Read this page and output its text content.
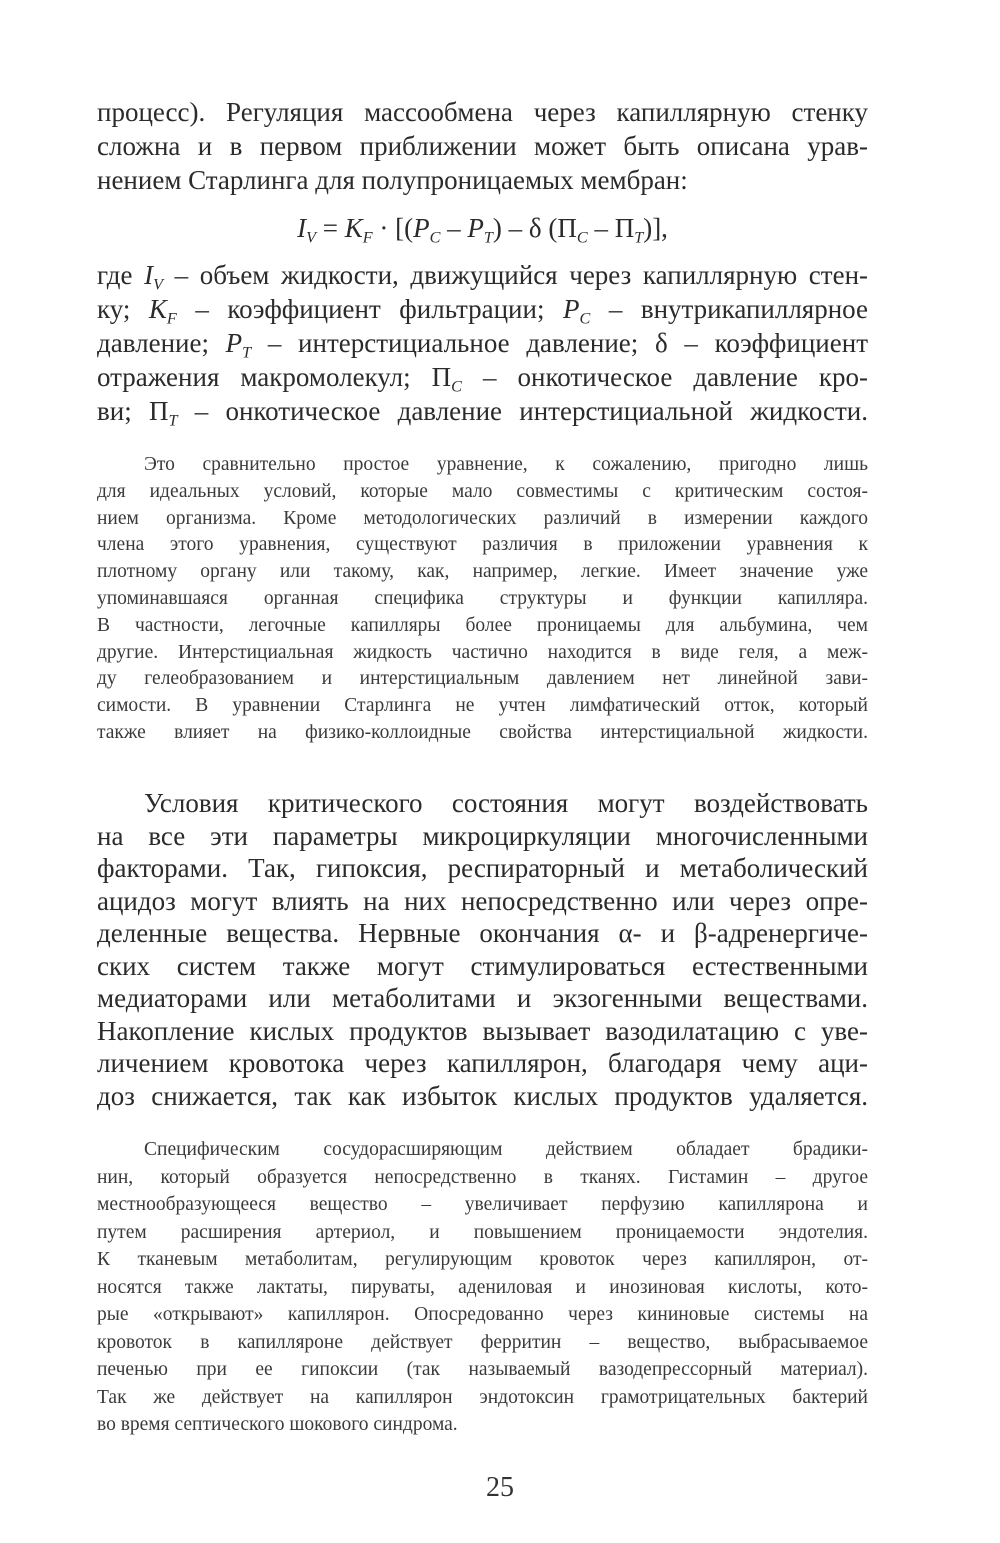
процесс). Регуляция массообмена через капиллярную стенку
сложна и в первом приближении может быть описана урав-
нением Старлинга для полупроницаемых мембран:
$I_V = K_F \cdot [(P_C - P_T) - \delta$ $(П_C - П_T)$],
где $I_V$ – объем жидкости, движущийся через капиллярную стен-
ку; $K_F$ – коэффициент фильтрации; $P_C$ – внутрикапиллярное
давление; $P_T$ – интерстициальное давление; δ – коэффициент
отражения макромолекул; $П_C$ – онкотическое давление кро-
ви; $П_T$ – онкотическое давление интерстициальной жидкости.
Это сравнительно простое уравнение, к сожалению, пригодно лишь
для идеальных условий, которые мало совместимы с критическим состоя-
нием организма. Кроме методологических различий в измерении каждого
члена этого уравнения, существуют различия в приложении уравнения к
плотному органу или такому, как, например, легкие. Имеет значение уже
упоминавшаяся органная специфика структуры и функции капилляра.
В частности, легочные капилляры более проницаемы для альбумина, чем
другие. Интерстициальная жидкость частично находится в виде геля, а меж-
ду гелеобразованием и интерстициальным давлением нет линейной зави-
симости. В уравнении Старлинга не учтен лимфатический отток, который
также влияет на физико-коллоидные свойства интерстициальной жидкости.
Условия критического состояния могут воздействовать
на все эти параметры микроциркуляции многочисленными
факторами. Так, гипоксия, респираторный и метаболический
ацидоз могут влиять на них непосредственно или через опре-
деленные вещества. Нервные окончания α- и β-адренергиче-
ских систем также могут стимулироваться естественными
медиаторами или метаболитами и экзогенными веществами.
Накопление кислых продуктов вызывает вазодилатацию с уве-
личением кровотока через капиллярон, благодаря чему аци-
доз снижается, так как избыток кислых продуктов удаляется.
Специфическим сосудорасширяющим действием обладает брадики-
нин, который образуется непосредственно в тканях. Гистамин – другое
местнообразующееся вещество – увеличивает перфузию капиллярона и
путем расширения артериол, и повышением проницаемости эндотелия.
К тканевым метаболитам, регулирующим кровоток через капиллярон, от-
носятся также лактаты, пируваты, адениловая и инозиновая кислоты, кото-
рые «открывают» капиллярон. Опосредованно через кининовые системы на
кровоток в капилляроне действует ферритин – вещество, выбрасываемое
печенью при ее гипоксии (так называемый вазодепрессорный материал).
Так же действует на капиллярон эндотоксин грамотрицательных бактерий
во время септического шокового синдрома.
25
